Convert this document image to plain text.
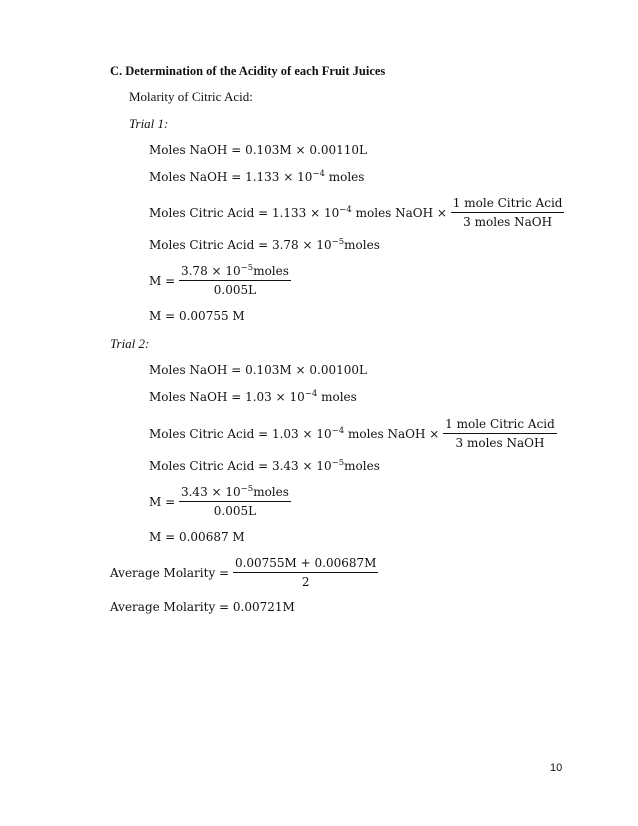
C. Determination of the Acidity of each Fruit Juices
Molarity of Citric Acid:
Trial 1:
Moles NaOH = 0.103M × 0.00110L
Moles NaOH = $1.133 \times 10^{-4}$ moles
Moles Citric Acid = $1.133 \times 10^{-4}$ moles NaOH × $\frac{\text{1 mole Citric Acid}}{\text{3 moles NaOH}}$
Moles Citric Acid = $3.78 \times 10^{-5}moles$
$M = \frac{3.78 \times 10^{-5}moles}{0.005L}$
M = 0.00755 M
Trial 2:
Moles NaOH = 0.103M × 0.00100L
Moles NaOH = $1.03 \times 10^{-4}$ moles
Moles Citric Acid = $1.03 \times 10^{-4}$ moles NaOH × $\frac{\text{1 mole Citric Acid}}{\text{3 moles NaOH}}$
Moles Citric Acid = $3.43 \times 10^{-5}moles$
$M = \frac{3.43 \times 10^{-5}moles}{0.005L}$
M = 0.00687 M
Average Molarity = $\frac{0.00755M + 0.00687M}{2}$
Average Molarity = 0.00721M
10
